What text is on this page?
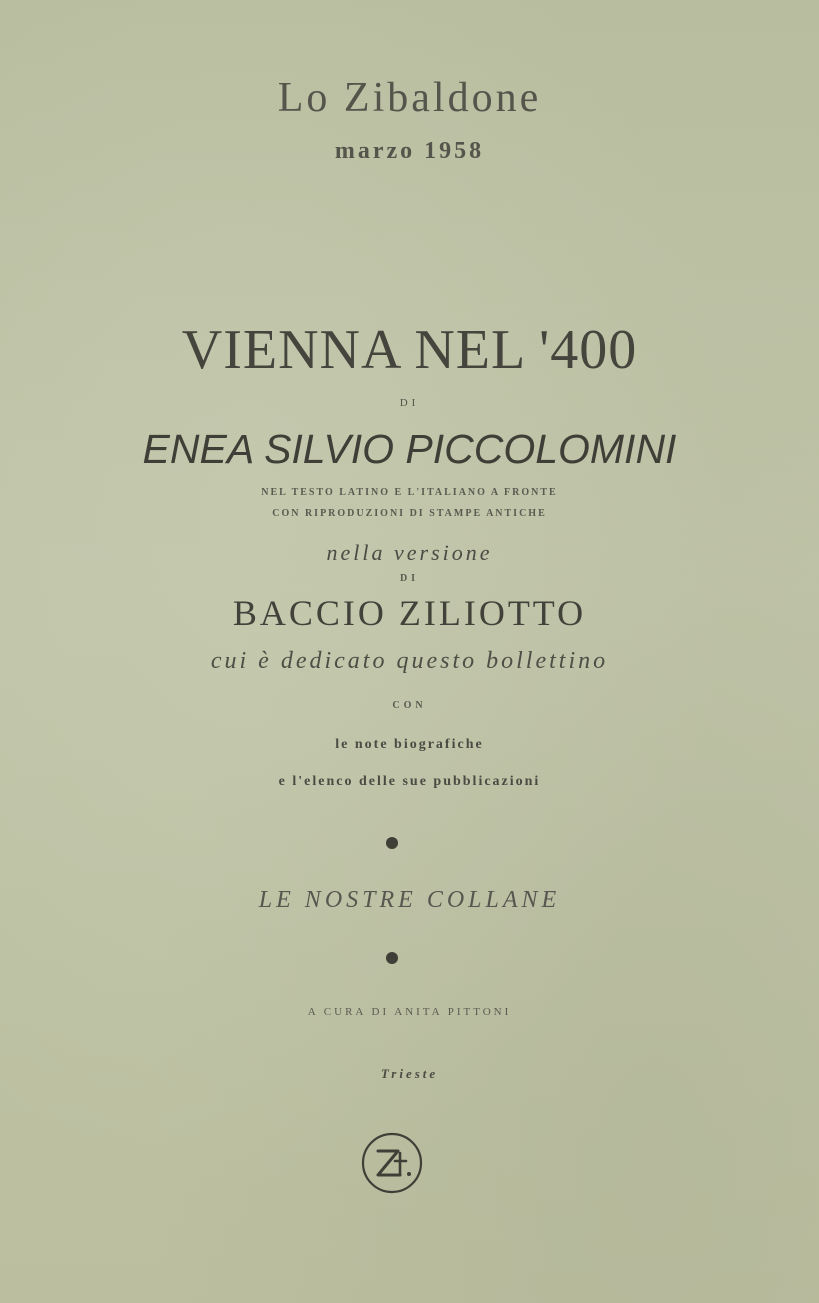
Lo Zibaldone
marzo 1958
VIENNA NEL '400
DI
ENEA SILVIO PICCOLOMINI
NEL TESTO LATINO E L'ITALIANO A FRONTE
CON RIPRODUZIONI DI STAMPE ANTICHE
nella versione
DI
BACCIO ZILIOTTO
cui è dedicato questo bollettino
CON
le note biografiche
e l'elenco delle sue pubblicazioni
LE NOSTRE COLLANE
A CURA DI ANITA PITTONI
Trieste
